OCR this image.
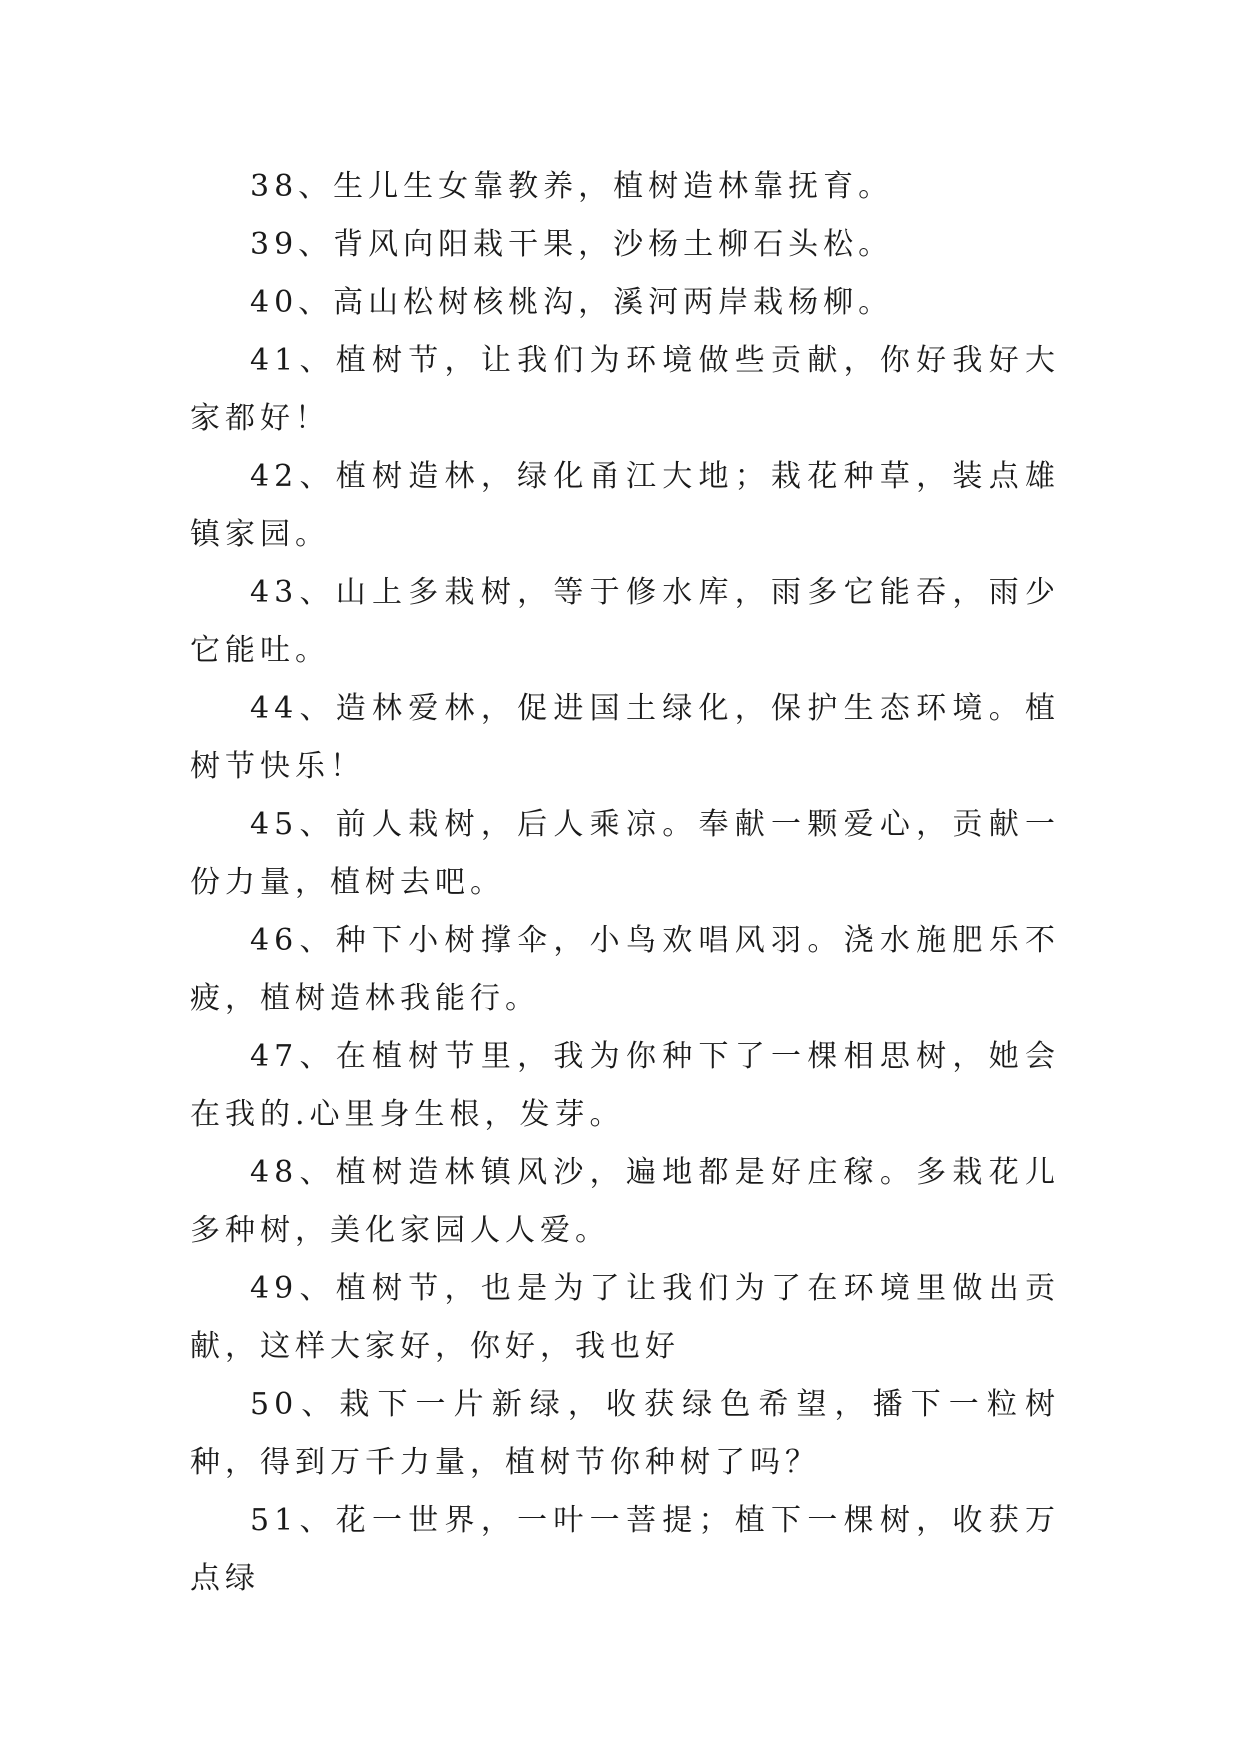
38、生儿生女靠教养，植树造林靠抚育。

39、背风向阳栽干果，沙杨土柳石头松。

40、高山松树核桃沟，溪河两岸栽杨柳。

41、植树节，让我们为环境做些贡献，你好我好大家都好！

42、植树造林，绿化甬江大地；栽花种草，装点雄镇家园。

43、山上多栽树，等于修水库，雨多它能吞，雨少它能吐。

44、造林爱林，促进国土绿化，保护生态环境。植树节快乐！

45、前人栽树，后人乘凉。奉献一颗爱心，贡献一份力量，植树去吧。

46、种下小树撑伞，小鸟欢唱风羽。浇水施肥乐不疲，植树造林我能行。

47、在植树节里，我为你种下了一棵相思树，她会在我的.心里身生根，发芽。

48、植树造林镇风沙，遍地都是好庄稼。多栽花儿多种树，美化家园人人爱。

49、植树节，也是为了让我们为了在环境里做出贡献，这样大家好，你好，我也好

50、栽下一片新绿，收获绿色希望，播下一粒树种，得到万千力量，植树节你种树了吗？

51、花一世界，一叶一菩提；植下一棵树，收获万点绿
